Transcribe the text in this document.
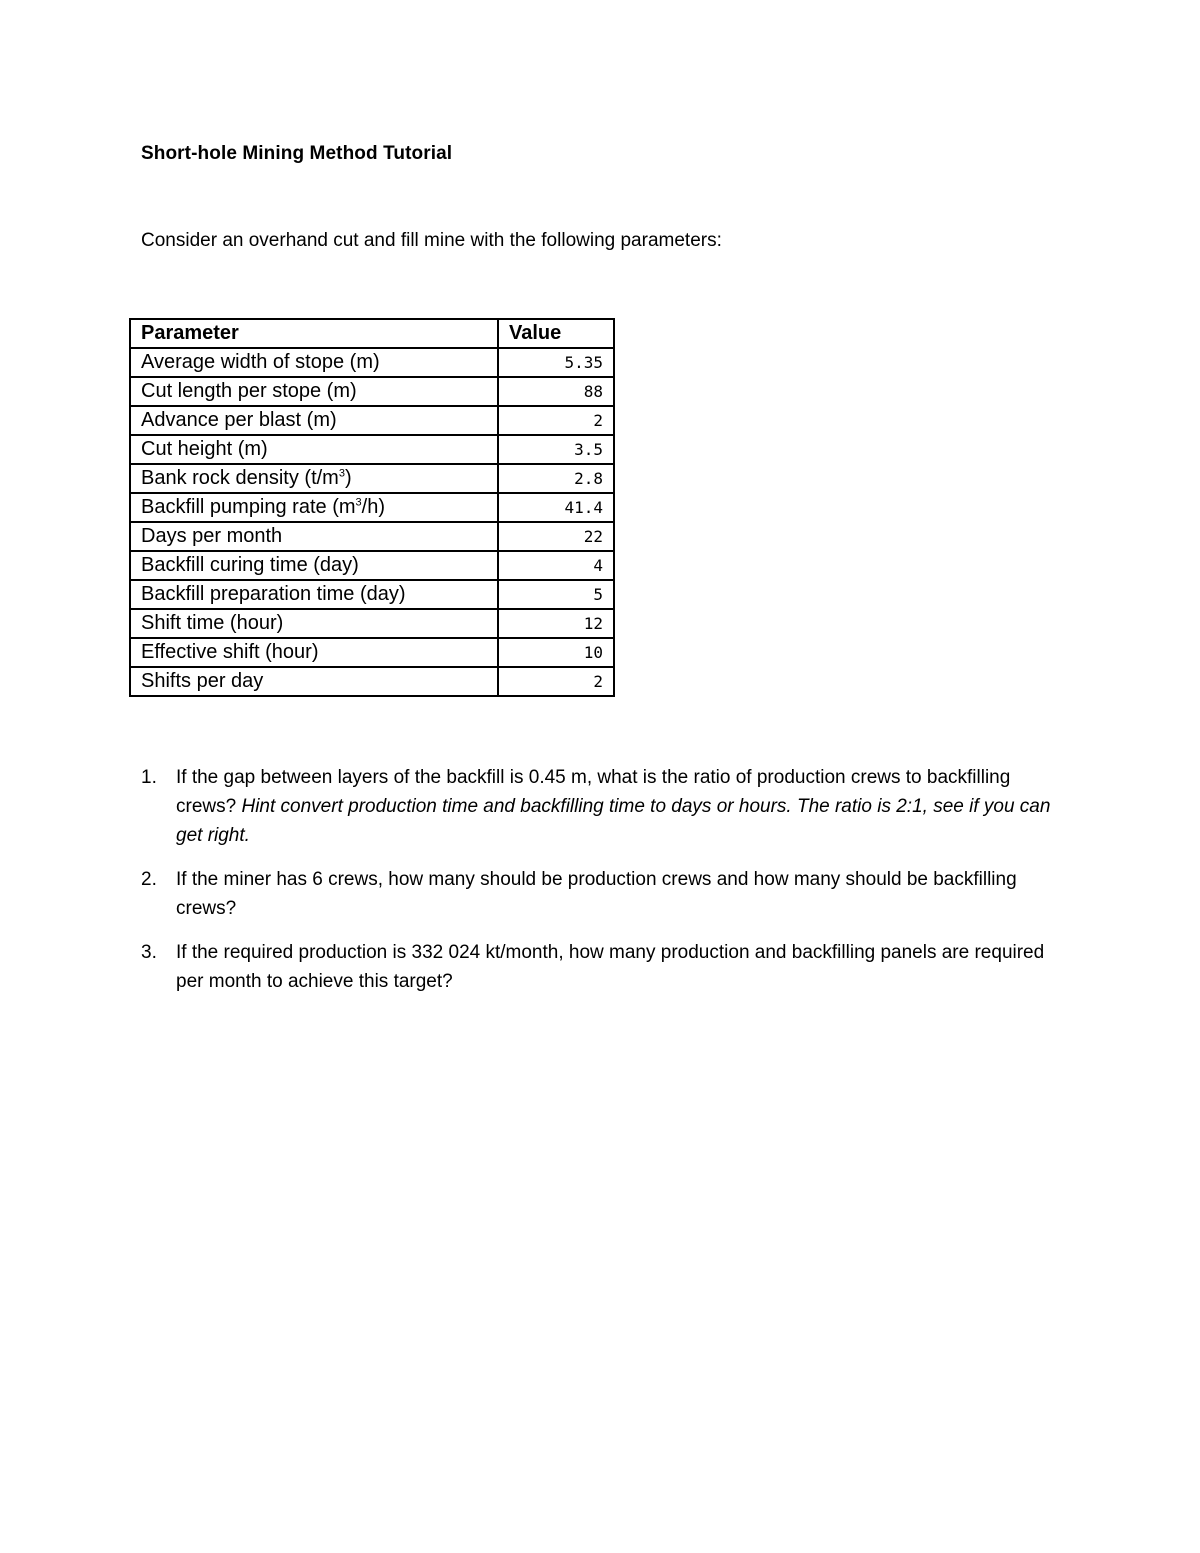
Short-hole Mining Method Tutorial
Consider an overhand cut and fill mine with the following parameters:
Parameter	Value
Average width of stope (m)	5.35
Cut length per stope (m)	88
Advance per blast (m)	2
Cut height (m)	3.5
Bank rock density $(t/m^3)$	2.8
Backfill pumping rate $(m^3/h)$	41.4
Days per month	22
Backfill curing time (day)	4
Backfill preparation time (day)	5
Shift time (hour)	12
Effective shift (hour)	10
Shifts per day	2
1. If the gap between layers of the backfill is 0.45 m, what is the ratio of production crews to backfilling crews? Hint convert production time and backfilling time to days or hours. The ratio is 2:1, see if you can get right.
2. If the miner has 6 crews, how many should be production crews and how many should be backfilling crews?
3. If the required production is 332 024 kt/month, how many production and backfilling panels are required per month to achieve this target?
